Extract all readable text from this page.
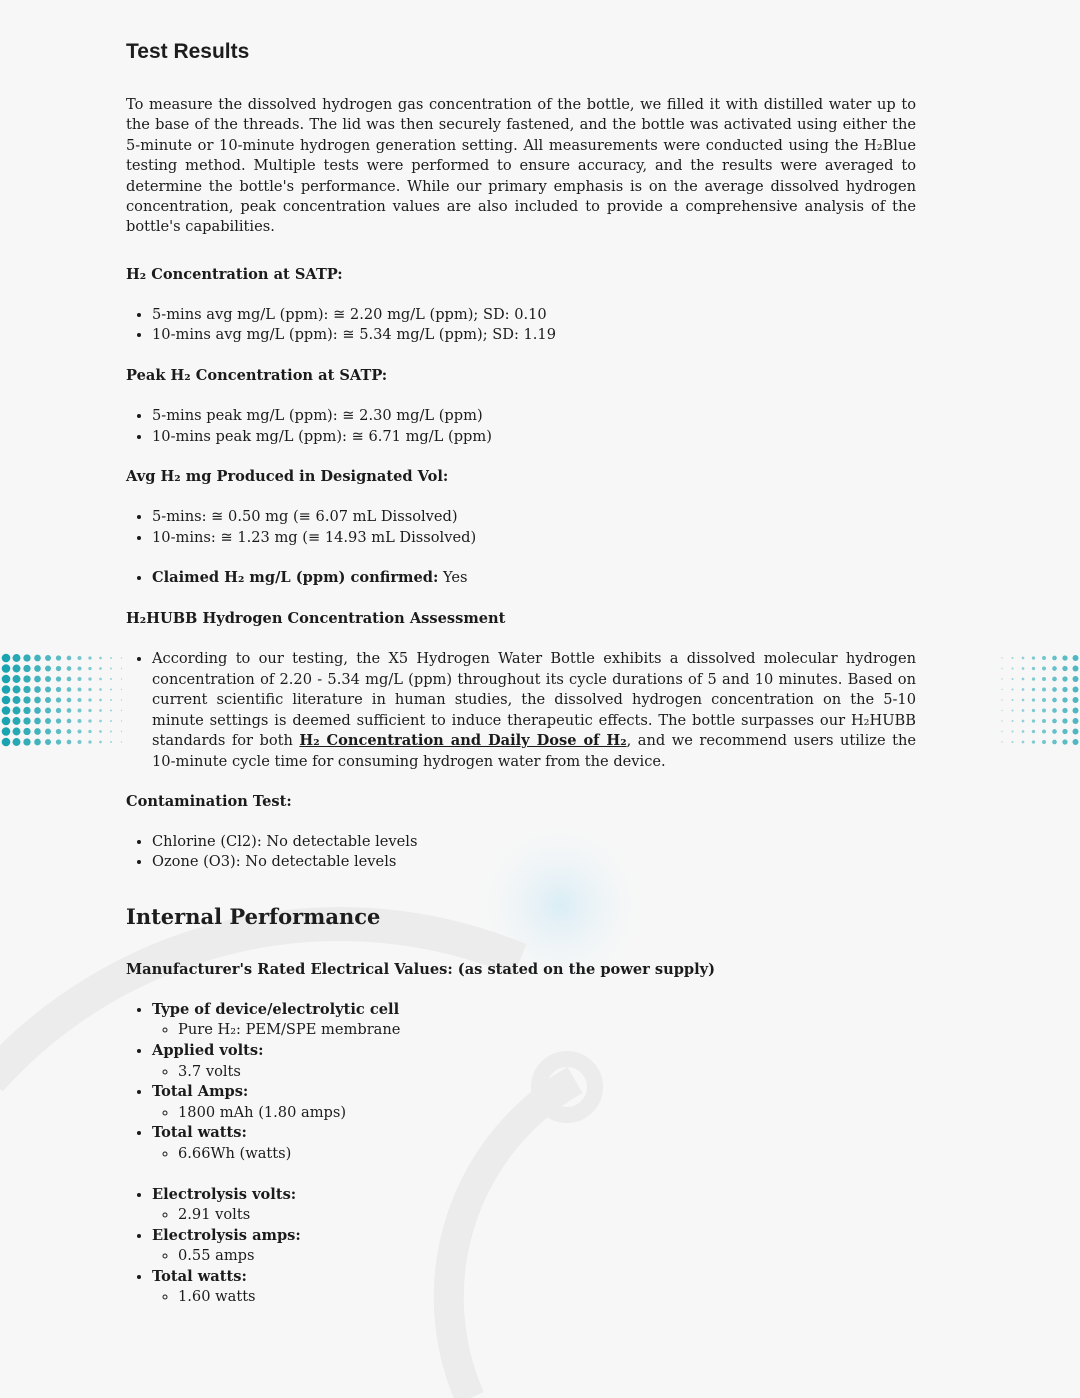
Test Results

To measure the dissolved hydrogen gas concentration of the bottle, we filled it with distilled water up to the base of the threads. The lid was then securely fastened, and the bottle was activated using either the 5-minute or 10-minute hydrogen generation setting. All measurements were conducted using the H₂Blue testing method. Multiple tests were performed to ensure accuracy, and the results were averaged to determine the bottle's performance. While our primary emphasis is on the average dissolved hydrogen concentration, peak concentration values are also included to provide a comprehensive analysis of the bottle's capabilities.

H₂ Concentration at SATP:

• 5-mins avg mg/L (ppm): ≅ 2.20 mg/L (ppm); SD: 0.10
• 10-mins avg mg/L (ppm): ≅ 5.34 mg/L (ppm); SD: 1.19

Peak H₂ Concentration at SATP:

• 5-mins peak mg/L (ppm): ≅ 2.30 mg/L (ppm)
• 10-mins peak mg/L (ppm): ≅ 6.71 mg/L (ppm)

Avg H₂ mg Produced in Designated Vol:

• 5-mins: ≅ 0.50 mg (≡ 6.07 mL Dissolved)
• 10-mins: ≅ 1.23 mg (≡ 14.93 mL Dissolved)
• Claimed H₂ mg/L (ppm) confirmed: Yes

H₂HUBB Hydrogen Concentration Assessment

• According to our testing, the X5 Hydrogen Water Bottle exhibits a dissolved molecular hydrogen concentration of 2.20 - 5.34 mg/L (ppm) throughout its cycle durations of 5 and 10 minutes. Based on current scientific literature in human studies, the dissolved hydrogen concentration on the 5-10 minute settings is deemed sufficient to induce therapeutic effects. The bottle surpasses our H₂HUBB standards for both H₂ Concentration and Daily Dose of H₂, and we recommend users utilize the 10-minute cycle time for consuming hydrogen water from the device.

Contamination Test:

• Chlorine (Cl2): No detectable levels
• Ozone (O3): No detectable levels
Internal Performance

Manufacturer's Rated Electrical Values: (as stated on the power supply)

• Type of device/electrolytic cell
◦ Pure H₂: PEM/SPE membrane
• Applied volts:
◦ 3.7 volts
• Total Amps:
◦ 1800 mAh (1.80 amps)
• Total watts:
◦ 6.66Wh (watts)
• Electrolysis volts:
◦ 2.91 volts
• Electrolysis amps:
◦ 0.55 amps
• Total watts:
◦ 1.60 watts
